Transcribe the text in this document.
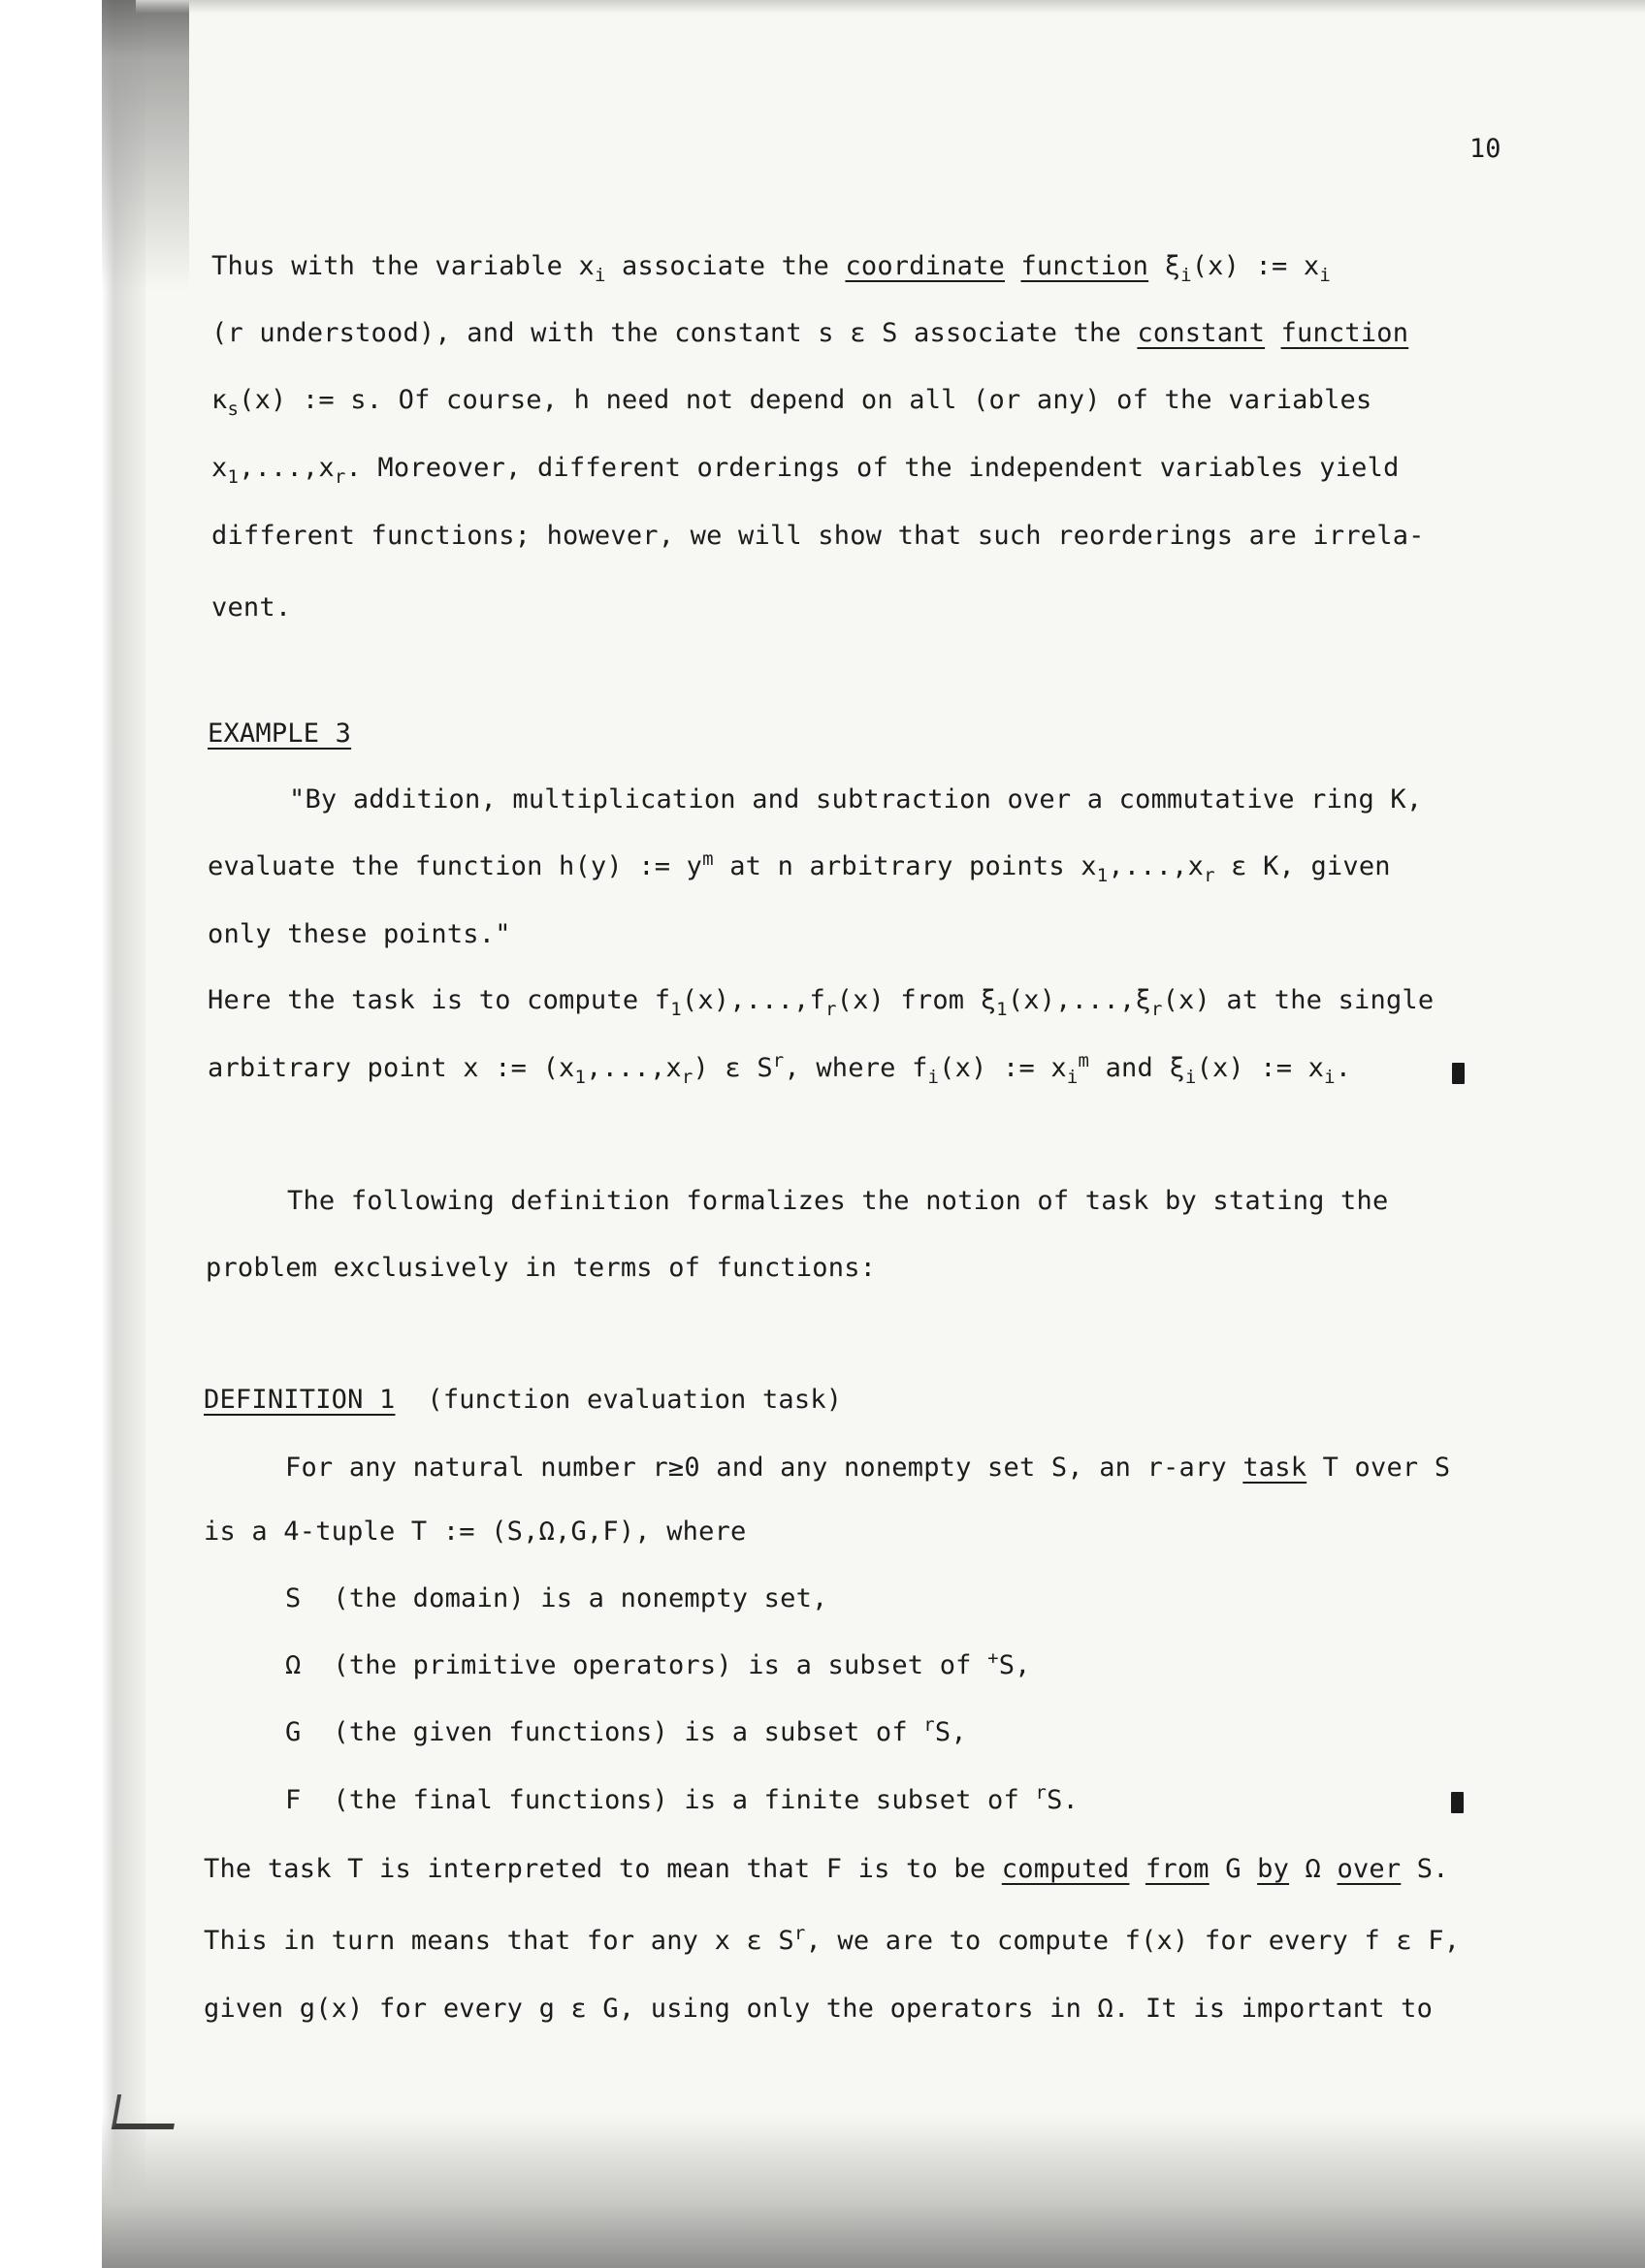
10
Thus with the variable $x_i$ associate the coordinate function $\xi_i(x)$ := $x_i$
(r understood), and with the constant s ε S associate the constant function
$\kappa_s(x)$ := s. Of course, h need not depend on all (or any) of the variables
$x_1,...,x_r$. Moreover, different orderings of the independent variables yield
different functions; however, we will show that such reorderings are irrela-
vent.
EXAMPLE 3
"By addition, multiplication and subtraction over a commutative ring K,
evaluate the function h(y) := $y^m$ at n arbitrary points $x_1,...,x_r$ ε K, given
only these points."
Here the task is to compute $f_1(x),...,f_r(x)$ from $\xi_1(x),...,\xi_r(x)$ at the single
arbitrary point x := $(x_1,...,x_r)$ ε $S^r$, where $f_i(x)$ := $x_i^m$ and $\xi_i(x)$ := $x_i$.
The following definition formalizes the notion of task by stating the
problem exclusively in terms of functions:
DEFINITION 1 (function evaluation task)
For any natural number r≥0 and any nonempty set S, an r-ary task T over S
is a 4-tuple T := (S,Ω,G,F), where
S (the domain) is a nonempty set,
Ω (the primitive operators) is a subset of +S,
G (the given functions) is a subset of $^r$S,
F (the final functions) is a finite subset of $^r$S.
The task T is interpreted to mean that F is to be computed from G by Ω over S.
This in turn means that for any x ε $S^r$, we are to compute f(x) for every f ε F,
given g(x) for every g ε G, using only the operators in Ω. It is important to
